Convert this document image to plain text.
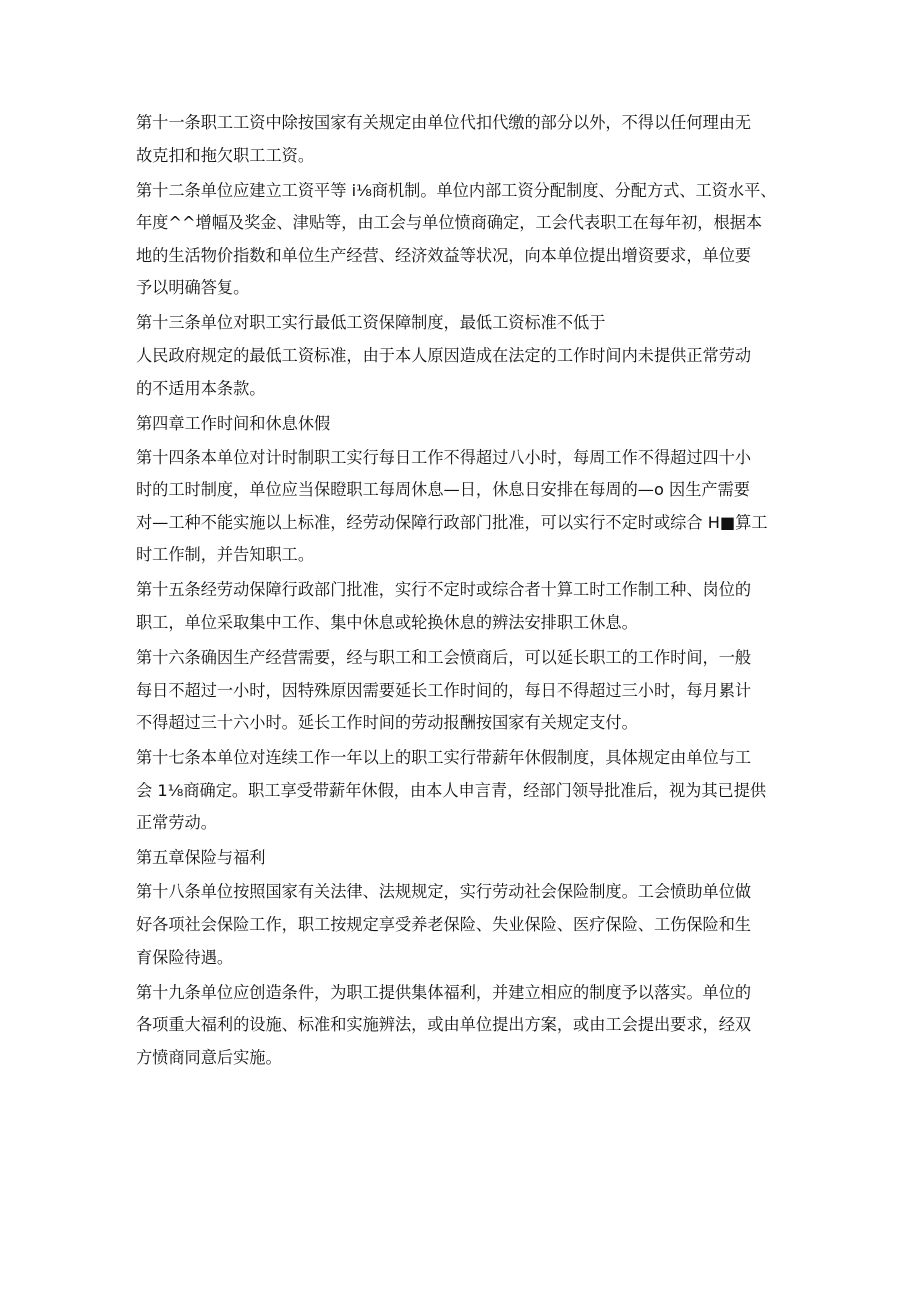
第十一条职工工资中除按国家有关规定由单位代扣代缴的部分以外，不得以任何理由无
故克扣和拖欠职工工资。
第十二条单位应建立工资平等 i⅛商机制。单位内部工资分配制度、分配方式、工资水平、
年度^^增幅及奖金、津贴等，由工会与单位愤商确定，工会代表职工在每年初，根据本
地的生活物价指数和单位生产经营、经济效益等状况，向本单位提出增资要求，单位要
予以明确答复。
第十三条单位对职工实行最低工资保障制度，最低工资标准不低于
人民政府规定的最低工资标准，由于本人原因造成在法定的工作时间内未提供正常劳动
的不适用本条款。
第四章工作时间和休息休假
第十四条本单位对计时制职工实行每日工作不得超过八小时，每周工作不得超过四十小
时的工时制度，单位应当保瞪职工每周休息—日，休息日安排在每周的—o 因生产需要
对—工种不能实施以上标准，经劳动保障行政部门批准，可以实行不定时或综合 H■算工
时工作制，并告知职工。
第十五条经劳动保障行政部门批准，实行不定时或综合者十算工时工作制工种、岗位的
职工，单位采取集中工作、集中休息或轮换休息的辨法安排职工休息。
第十六条确因生产经营需要，经与职工和工会愤商后，可以延长职工的工作时间，一般
每日不超过一小时，因特殊原因需要延长工作时间的，每日不得超过三小时，每月累计
不得超过三十六小时。延长工作时间的劳动报酬按国家有关规定支付。
第十七条本单位对连续工作一年以上的职工实行带薪年休假制度，具体规定由单位与工
会 1⅛商确定。职工享受带薪年休假，由本人申言青，经部门领导批准后，视为其已提供
正常劳动。
第五章保险与福利
第十八条单位按照国家有关法律、法规规定，实行劳动社会保险制度。工会愤助单位做
好各项社会保险工作，职工按规定享受养老保险、失业保险、医疗保险、工伤保险和生
育保险待遇。
第十九条单位应创造条件，为职工提供集体福利，并建立相应的制度予以落实。单位的
各项重大福利的设施、标准和实施辨法，或由单位提出方案，或由工会提出要求，经双
方愤商同意后实施。
